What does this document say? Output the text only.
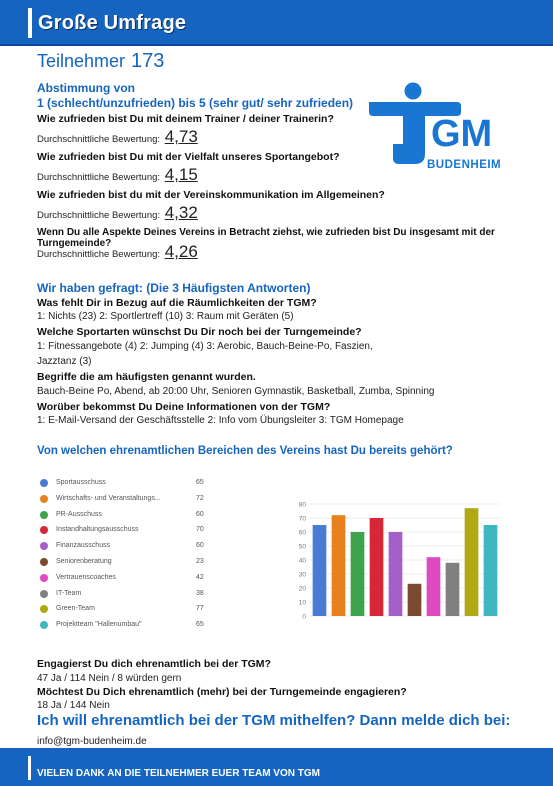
Große Umfrage
Teilnehmer 173
Abstimmung von
1 (schlecht/unzufrieden) bis 5 (sehr gut/ sehr zufrieden)
Wie zufrieden bist Du mit deinem Trainer / deiner Trainerin?
Durchschnittliche Bewertung: 4,73
Wie zufrieden bist Du mit der Vielfalt unseres Sportangebot?
Durchschnittliche Bewertung: 4,15
Wie zufrieden bist du mit der Vereinskommunikation im Allgemeinen?
Durchschnittliche Bewertung: 4,32
Wenn Du alle Aspekte Deines Vereins in Betracht ziehst, wie zufrieden bist Du insgesamt mit der Turngemeinde?
Durchschnittliche Bewertung: 4,26
GM
BUDENHEIM
Wir haben gefragt: (Die 3 Häufigsten Antworten)
Was fehlt Dir in Bezug auf die Räumlichkeiten der TGM?
1: Nichts (23) 2: Sportlertreff (10) 3: Raum mit Geräten (5)
Welche Sportarten wünschst Du Dir noch bei der Turngemeinde?
1: Fitnessangebote (4) 2: Jumping (4) 3: Aerobic, Bauch-Beine-Po, Faszien,
Jazztanz (3)
Begriffe die am häufigsten genannt wurden.
Bauch-Beine Po, Abend, ab 20:00 Uhr, Senioren Gymnastik, Basketball, Zumba, Spinning
Worüber bekommst Du Deine Informationen von der TGM?
1: E-Mail-Versand der Geschäftsstelle 2: Info vom Übungsleiter 3: TGM Homepage
Von welchen ehrenamtlichen Bereichen des Vereins hast Du bereits gehört?
Sportausschuss	65
Wirtschafts- und Veranstaltungs...	72
PR-Ausschuss	60
Instandhaltungsausschuss	70
Finanzausschuss	60
Seniorenberatung	23
Vertrauenscoaches	42
IT-Team	38
Green-Team	77
Projektteam "Hallenumbau"	65
0
10
20
30
40
50
60
70
80
Engagierst Du dich ehrenamtlich bei der TGM?
47 Ja / 114 Nein / 8 würden gern
Möchtest Du Dich ehrenamtlich (mehr) bei der Turngemeinde engagieren?
18 Ja / 144 Nein
Ich will ehrenamtlich bei der TGM mithelfen? Dann melde dich bei:
info@tgm-budenheim.de
VIELEN DANK AN DIE TEILNEHMER EUER TEAM VON TGM
